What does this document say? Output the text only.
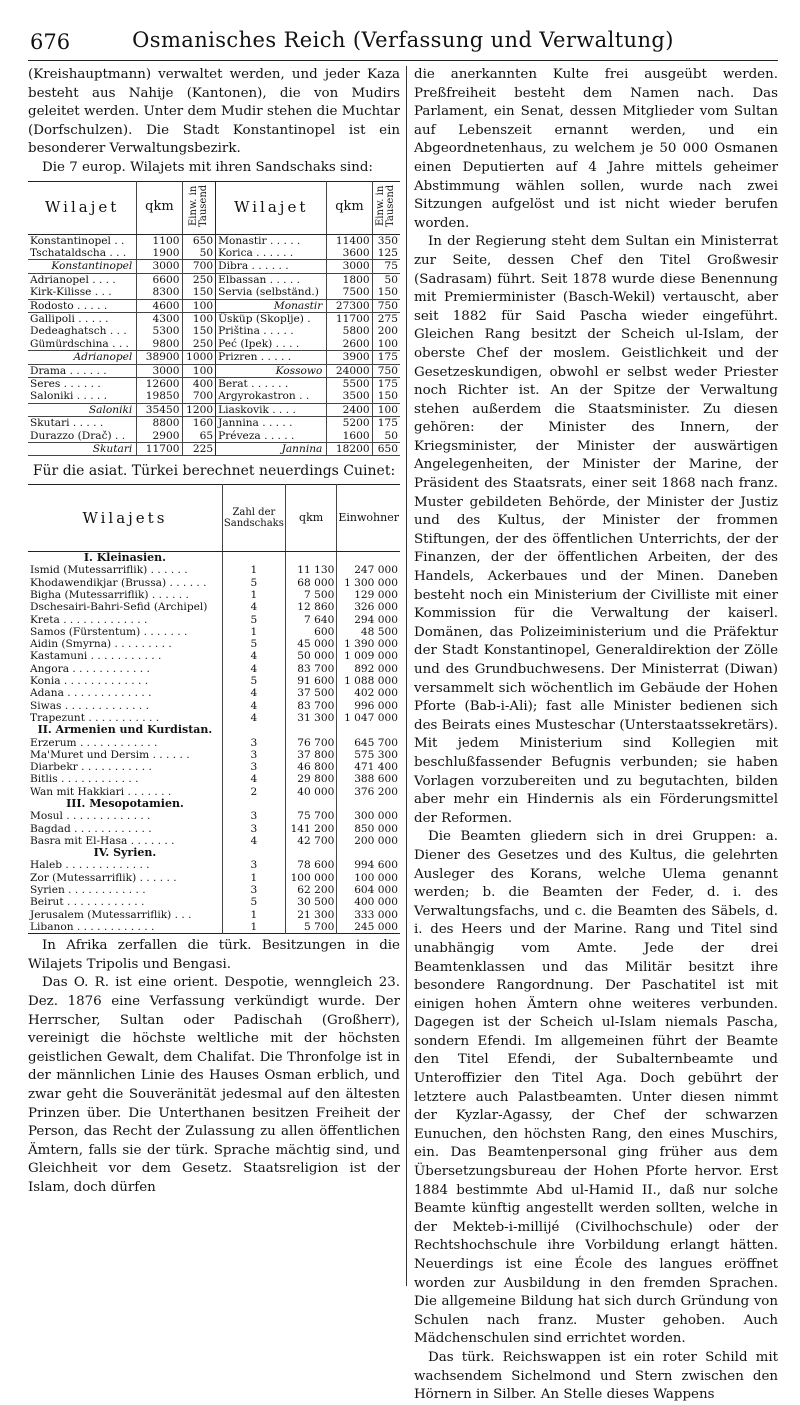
676	Osmanisches Reich (Verfassung und Verwaltung)

(Kreishauptmann) verwaltet werden, und jeder Kaza besteht aus Nahije (Kantonen), die von Mudirs geleitet werden. Unter dem Mudir stehen die Muchtar (Dorfschulzen). Die Stadt Konstantinopel ist ein besonderer Verwaltungsbezirk.

Die 7 europ. Wilajets mit ihren Sandschaks sind:

Wilajet	qkm	Einw. in Tausend	Wilajet	qkm	Einw. in Tausend
Konstantinopel . .	1100	650	Monastir . . . . .	11400	350
Tschataldscha . . .	1900	50	Korica . . . . . .	3600	125
Konstantinopel	3000	700	Dibra . . . . . .	3000	75
Adrianopel . . . .	6600	250	Elbassan . . . . .	1800	50
Kirk-Kilisse . . .	8300	150	Servia (selbständ.)	7500	150
Rodosto . . . . .	4600	100	Monastir	27300	750
Gallipoli . . . . .	4300	100	Üsküp (Skoplje) .	11700	275
Dedeaghatsch . . .	5300	150	Priština . . . . .	5800	200
Gümürdschina . . .	9800	250	Peć (Ipek) . . . .	2600	100
Adrianopel	38900	1000	Prizren . . . . .	3900	175
Drama . . . . . .	3000	100	Kossowo	24000	750
Seres . . . . . .	12600	400	Berat . . . . . .	5500	175
Saloniki . . . . .	19850	700	Argyrokastron . .	3500	150
Saloniki	35450	1200	Liaskovik . . . .	2400	100
Skutari . . . . .	8800	160	Jannina . . . . .	5200	175
Durazzo (Drač) . .	2900	65	Préveza . . . . .	1600	50
Skutari	11700	225	Jannina	18200	650
Für die asiat. Türkei berechnet neuerdings Cuinet:
Wilajets	Zahl der Sandschaks	qkm	Einwohner
I. Kleinasien.			
Ismid (Mutessarriflik) . . . . . .	1	11 130	247 000
Khodawendikjar (Brussa) . . . . . .	5	68 000	1 300 000
Bigha (Mutessarriflik) . . . . . .	1	7 500	129 000
Dschesairi-Bahri-Sefid (Archipel)	4	12 860	326 000
Kreta . . . . . . . . . . . . .	5	7 640	294 000
Samos (Fürstentum) . . . . . . .	1	600	48 500
Aidin (Smyrna) . . . . . . . . .	5	45 000	1 390 000
Kastamuni . . . . . . . . . . .	4	50 000	1 009 000
Angora . . . . . . . . . . . .	4	83 700	892 000
Konia . . . . . . . . . . . . .	5	91 600	1 088 000
Adana . . . . . . . . . . . . .	4	37 500	402 000
Siwas . . . . . . . . . . . . .	4	83 700	996 000
Trapezunt . . . . . . . . . . .	4	31 300	1 047 000
II. Armenien und Kurdistan.			
Erzerum . . . . . . . . . . . .	3	76 700	645 700
Ma'Muret und Dersim . . . . . .	3	37 800	575 300
Diarbekr . . . . . . . . . . .	3	46 800	471 400
Bitlis . . . . . . . . . . . .	4	29 800	388 600
Wan mit Hakkiari . . . . . . .	2	40 000	376 200
III. Mesopotamien.			
Mosul . . . . . . . . . . . . .	3	75 700	300 000
Bagdad . . . . . . . . . . . .	3	141 200	850 000
Basra mit El-Hasa . . . . . . .	4	42 700	200 000
IV. Syrien.			
Haleb . . . . . . . . . . . . .	3	78 600	994 600
Zor (Mutessarriflik) . . . . . .	1	100 000	100 000
Syrien . . . . . . . . . . . .	3	62 200	604 000
Beirut . . . . . . . . . . . .	5	30 500	400 000
Jerusalem (Mutessarriflik) . . .	1	21 300	333 000
Libanon . . . . . . . . . . . .	1	5 700	245 000

In Afrika zerfallen die türk. Besitzungen in die Wilajets Tripolis und Bengasi.

Das O. R. ist eine orient. Despotie, wenngleich 23. Dez. 1876 eine Verfassung verkündigt wurde. Der Herrscher, Sultan oder Padischah (Großherr), vereinigt die höchste weltliche mit der höchsten geistlichen Gewalt, dem Chalifat. Die Thronfolge ist in der männlichen Linie des Hauses Osman erblich, und zwar geht die Souveränität jedesmal auf den ältesten Prinzen über. Die Unterthanen besitzen Freiheit der Person, das Recht der Zulassung zu allen öffentlichen Ämtern, falls sie der türk. Sprache mächtig sind, und Gleichheit vor dem Gesetz. Staatsreligion ist der Islam, doch dürfen

die anerkannten Kulte frei ausgeübt werden. Preßfreiheit besteht dem Namen nach. Das Parlament, ein Senat, dessen Mitglieder vom Sultan auf Lebenszeit ernannt werden, und ein Abgeordnetenhaus, zu welchem je 50 000 Osmanen einen Deputierten auf 4 Jahre mittels geheimer Abstimmung wählen sollen, wurde nach zwei Sitzungen aufgelöst und ist nicht wieder berufen worden.

In der Regierung steht dem Sultan ein Ministerrat zur Seite, dessen Chef den Titel Großwesir (Sadrasam) führt. Seit 1878 wurde diese Benennung mit Premierminister (Basch-Wekil) vertauscht, aber seit 1882 für Said Pascha wieder eingeführt. Gleichen Rang besitzt der Scheich ul-Islam, der oberste Chef der moslem. Geistlichkeit und der Gesetzeskundigen, obwohl er selbst weder Priester noch Richter ist. An der Spitze der Verwaltung stehen außerdem die Staatsminister. Zu diesen gehören: der Minister des Innern, der Kriegsminister, der Minister der auswärtigen Angelegenheiten, der Minister der Marine, der Präsident des Staatsrats, einer seit 1868 nach franz. Muster gebildeten Behörde, der Minister der Justiz und des Kultus, der Minister der frommen Stiftungen, der des öffentlichen Unterrichts, der der Finanzen, der der öffentlichen Arbeiten, der des Handels, Ackerbaues und der Minen. Daneben besteht noch ein Ministerium der Civilliste mit einer Kommission für die Verwaltung der kaiserl. Domänen, das Polizeiministerium und die Präfektur der Stadt Konstantinopel, Generaldirektion der Zölle und des Grundbuchwesens. Der Ministerrat (Diwan) versammelt sich wöchentlich im Gebäude der Hohen Pforte (Bab-i-Ali); fast alle Minister bedienen sich des Beirats eines Musteschar (Unterstaatssekretärs). Mit jedem Ministerium sind Kollegien mit beschlußfassender Befugnis verbunden; sie haben Vorlagen vorzubereiten und zu begutachten, bilden aber mehr ein Hindernis als ein Förderungsmittel der Reformen.

Die Beamten gliedern sich in drei Gruppen: a. Diener des Gesetzes und des Kultus, die gelehrten Ausleger des Korans, welche Ulema genannt werden; b. die Beamten der Feder, d. i. des Verwaltungsfachs, und c. die Beamten des Säbels, d. i. des Heers und der Marine. Rang und Titel sind unabhängig vom Amte. Jede der drei Beamtenklassen und das Militär besitzt ihre besondere Rangordnung. Der Paschatitel ist mit einigen hohen Ämtern ohne weiteres verbunden. Dagegen ist der Scheich ul-Islam niemals Pascha, sondern Efendi. Im allgemeinen führt der Beamte den Titel Efendi, der Subalternbeamte und Unteroffizier den Titel Aga. Doch gebührt der letztere auch Palastbeamten. Unter diesen nimmt der Kyzlar-Agassy, der Chef der schwarzen Eunuchen, den höchsten Rang, den eines Muschirs, ein. Das Beamtenpersonal ging früher aus dem Übersetzungsbureau der Hohen Pforte hervor. Erst 1884 bestimmte Abd ul-Hamid II., daß nur solche Beamte künftig angestellt werden sollten, welche in der Mekteb-i-millijé (Civilhochschule) oder der Rechtshochschule ihre Vorbildung erlangt hätten. Neuerdings ist eine École des langues eröffnet worden zur Ausbildung in den fremden Sprachen. Die allgemeine Bildung hat sich durch Gründung von Schulen nach franz. Muster gehoben. Auch Mädchenschulen sind errichtet worden.

Das türk. Reichswappen ist ein roter Schild mit wachsendem Sichelmond und Stern zwischen den Hörnern in Silber. An Stelle dieses Wappens
